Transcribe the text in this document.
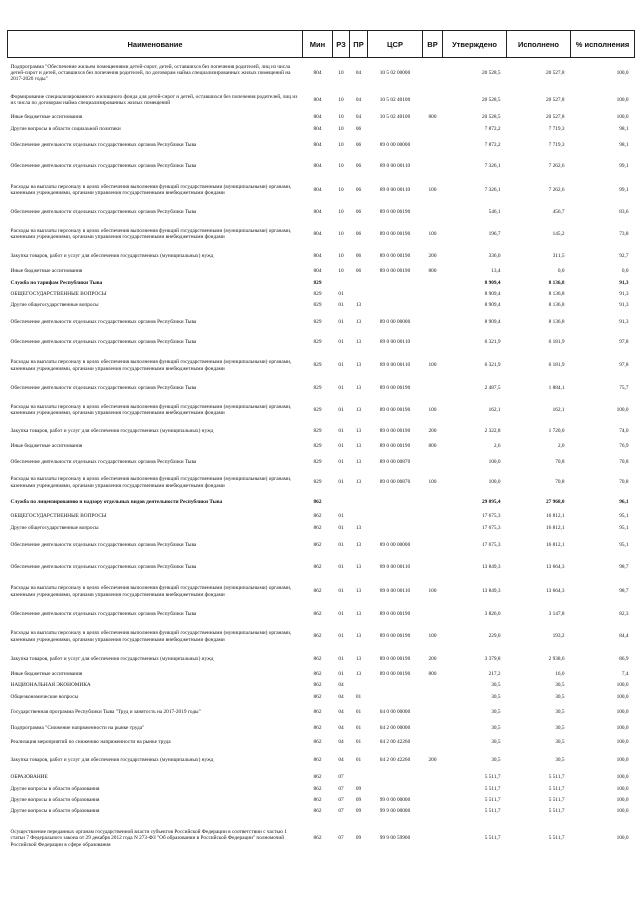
Наименование	Мин	РЗ	ПР	ЦСР	ВР	Утверждено	Исполнено	% исполнения
Подпрограмма "Обеспечение жильем помещениями детей-сирот, детей, оставшихся без попечения родителей, лиц из числа детей-сирот и детей, оставшихся без попечения родителей, по договорам найма специализированных жилых помещений на 2017-2020 годы"	804	10	04	10 5 02 00000		20 528,5	20 527,8	100,0
Формирование специализированного жилищного фонда для детей-сирот и детей, оставшихся без попечения родителей, лиц из их числа по договорам найма специализированных жилых помещений	804	10	04	10 5 02 40100		20 528,5	20 527,8	100,0
Иные бюджетные ассигнования	804	10	04	10 5 02 40100	800	20 528,5	20 527,8	100,0
Другие вопросы в области социальной политики	804	10	06			7 872,2	7 719,3	98,1
Обеспечение деятельности отдельных государственных органов Республики Тыва	804	10	06	89 0 00 00000		7 872,2	7 719,3	98,1
Обеспечение деятельности отдельных государственных органов Республики Тыва	804	10	06	89 0 00 00110		7 326,1	7 262,6	99,1
Расходы на выплаты персоналу в целях обеспечения выполнения функций государственными (муниципальными) органами, казенными учреждениями, органами управления государственными внебюджетными фондами	804	10	06	89 0 00 00110	100	7 326,1	7 262,6	99,1
Обеспечение деятельности отдельных государственных органов Республики Тыва	804	10	06	89 0 00 00190		546,1	456,7	83,6
Расходы на выплаты персоналу в целях обеспечения выполнения функций государственными (муниципальными) органами, казенными учреждениями, органами управления государственными внебюджетными фондами	804	10	06	89 0 00 00190	100	196,7	145,2	73,8
Закупка товаров, работ и услуг для обеспечения государственных (муниципальных) нужд	804	10	06	89 0 00 00190	200	336,0	311,5	92,7
Иные бюджетные ассигнования	804	10	06	89 0 00 00190	800	13,4	0,0	0,0
Служба по тарифам Республики Тыва	829					8 909,4	8 136,8	91,3
ОБЩЕГОСУДАРСТВЕННЫЕ ВОПРОСЫ	829	01				8 909,4	8 136,8	91,3
Другие общегосударственные вопросы	829	01	13			8 909,4	8 136,8	91,3
Обеспечение деятельности отдельных государственных органов Республики Тыва	829	01	13	89 0 00 00000		8 909,4	8 136,8	91,3
Обеспечение деятельности отдельных государственных органов Республики Тыва	829	01	13	89 0 00 00110		6 321,9	6 181,9	97,8
Расходы на выплаты персоналу в целях обеспечения выполнения функций государственными (муниципальными) органами, казенными учреждениями, органами управления государственными внебюджетными фондами	829	01	13	89 0 00 00110	100	6 321,9	6 181,9	97,8
Обеспечение деятельности отдельных государственных органов Республики Тыва	829	01	13	89 0 00 00190		2 487,5	1 884,1	75,7
Расходы на выплаты персоналу в целях обеспечения выполнения функций государственными (муниципальными) органами, казенными учреждениями, органами управления государственными внебюджетными фондами	829	01	13	89 0 00 00190	100	162,1	162,1	100,0
Закупка товаров, работ и услуг для обеспечения государственных (муниципальных) нужд	829	01	13	89 0 00 00190	200	2 322,8	1 720,0	74,0
Иные бюджетные ассигнования	829	01	13	89 0 00 00190	800	2,6	2,0	76,9
Обеспечение деятельности отдельных государственных органов Республики Тыва	829	01	13	89 0 00 00870		100,0	70,8	70,8
Расходы на выплаты персоналу в целях обеспечения выполнения функций государственными (муниципальными) органами, казенными учреждениями, органами управления государственными внебюджетными фондами	829	01	13	89 0 00 00870	100	100,0	70,8	70,8
Служба по лицензированию и надзору отдельных видов деятельности Республики Тыва	862					29 095,4	27 968,0	96,1
ОБЩЕГОСУДАРСТВЕННЫЕ ВОПРОСЫ	862	01				17 675,3	16 812,1	95,1
Другие общегосударственные вопросы	862	01	13			17 675,3	16 812,1	95,1
Обеспечение деятельности отдельных государственных органов Республики Тыва	862	01	13	89 0 00 00000		17 675,3	16 812,1	95,1
Обеспечение деятельности отдельных государственных органов Республики Тыва	862	01	13	89 0 00 00110		13 849,3	13 664,3	98,7
Расходы на выплаты персоналу в целях обеспечения выполнения функций государственными (муниципальными) органами, казенными учреждениями, органами управления государственными внебюджетными фондами	862	01	13	89 0 00 00110	100	13 849,3	13 664,3	98,7
Обеспечение деятельности отдельных государственных органов Республики Тыва	862	01	13	89 0 00 00190		3 826,0	3 147,8	82,3
Расходы на выплаты персоналу в целях обеспечения выполнения функций государственными (муниципальными) органами, казенными учреждениями, органами управления государственными внебюджетными фондами	862	01	13	89 0 00 00190	100	229,0	193,2	84,4
Закупка товаров, работ и услуг для обеспечения государственных (муниципальных) нужд	862	01	13	89 0 00 00190	200	3 379,8	2 938,6	86,9
Иные бюджетные ассигнования	862	01	13	89 0 00 00190	800	217,2	16,0	7,4
НАЦИОНАЛЬНАЯ ЭКОНОМИКА	862	04				30,5	30,5	100,0
Общеэкономические вопросы	862	04	01			30,5	30,5	100,0
Государственная программа Республики Тыва "Труд и занятость на 2017-2019 годы"	862	04	01	04 0 00 00000		30,5	30,5	100,0
Подпрограмма "Снижение напряженности на рынке труда"	862	04	01	04 2 00 00000		30,5	30,5	100,0
Реализация мероприятий по снижению напряженности на рынке труда	862	04	01	04 2 00 42260		30,5	30,5	100,0
Закупка товаров, работ и услуг для обеспечения государственных (муниципальных) нужд	862	04	01	04 2 00 42260	200	30,5	30,5	100,0
ОБРАЗОВАНИЕ	862	07				5 511,7	5 511,7	100,0
Другие вопросы в области образования	862	07	09			5 511,7	5 511,7	100,0
Другие вопросы в области образования	862	07	09	99 0 00 00000		5 511,7	5 511,7	100,0
Другие вопросы в области образования	862	07	09	99 9 00 00000		5 511,7	5 511,7	100,0
Осуществление переданных органам государственной власти субъектов Российской Федерации в соответствии с частью 1 статьи 7 Федерального закона от 29 декабря 2012 года N 273-ФЗ "Об образовании в Российской Федерации" полномочий Российской Федерации в сфере образования	862	07	09	99 9 00 59900		5 511,7	5 511,7	100,0
